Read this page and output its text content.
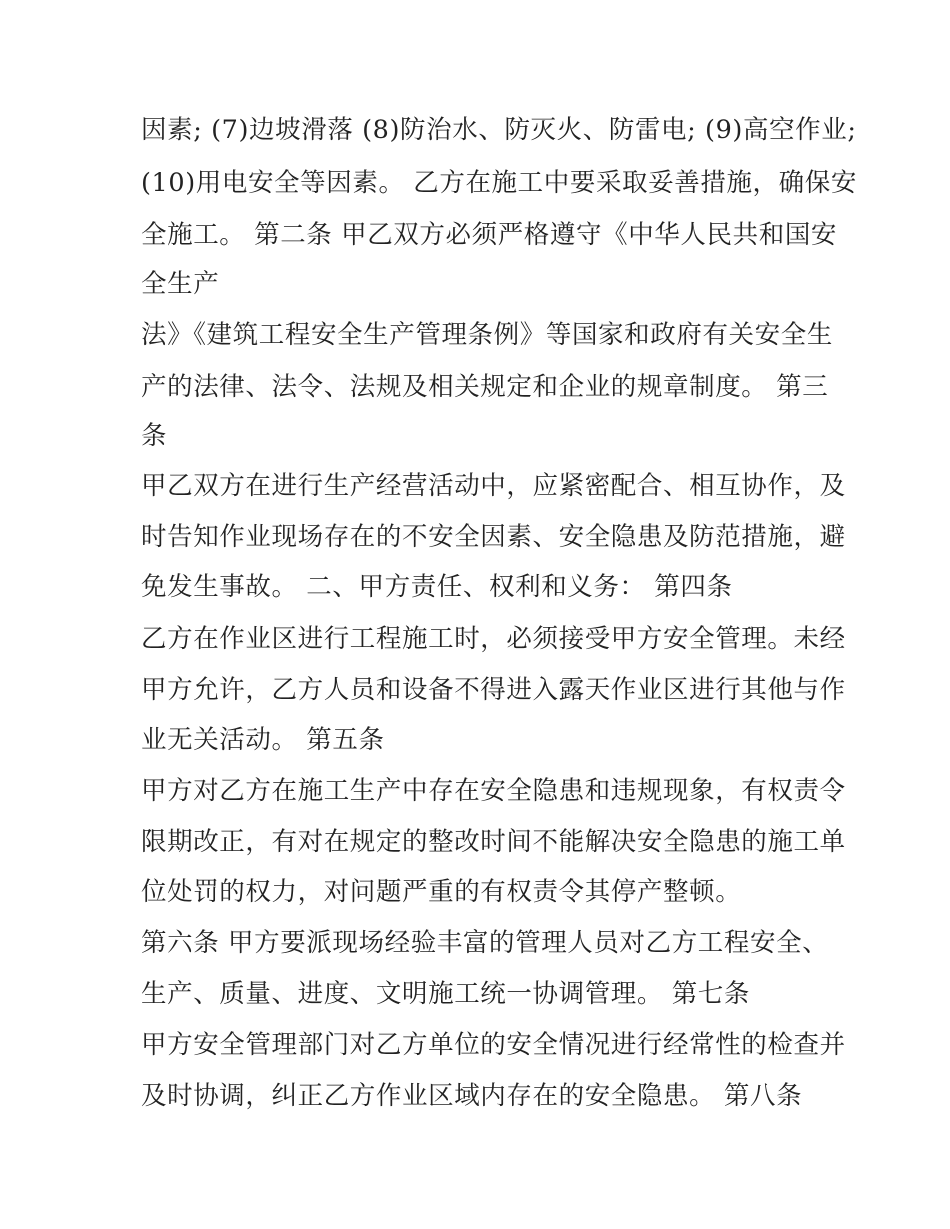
因素; (7)边坡滑落 (8)防治水、防灭火、防雷电; (9)高空作业;
(10)用电安全等因素。 乙方在施工中要采取妥善措施，确保安
全施工。 第二条 甲乙双方必须严格遵守《中华人民共和国安
全生产
法》《建筑工程安全生产管理条例》等国家和政府有关安全生
产的法律、法令、法规及相关规定和企业的规章制度。 第三
条
甲乙双方在进行生产经营活动中，应紧密配合、相互协作，及
时告知作业现场存在的不安全因素、安全隐患及防范措施，避
免发生事故。 二、甲方责任、权利和义务： 第四条
乙方在作业区进行工程施工时，必须接受甲方安全管理。未经
甲方允许，乙方人员和设备不得进入露天作业区进行其他与作
业无关活动。 第五条
甲方对乙方在施工生产中存在安全隐患和违规现象，有权责令
限期改正，有对在规定的整改时间不能解决安全隐患的施工单
位处罚的权力，对问题严重的有权责令其停产整顿。
第六条 甲方要派现场经验丰富的管理人员对乙方工程安全、
生产、质量、进度、文明施工统一协调管理。 第七条
甲方安全管理部门对乙方单位的安全情况进行经常性的检查并
及时协调，纠正乙方作业区域内存在的安全隐患。 第八条
